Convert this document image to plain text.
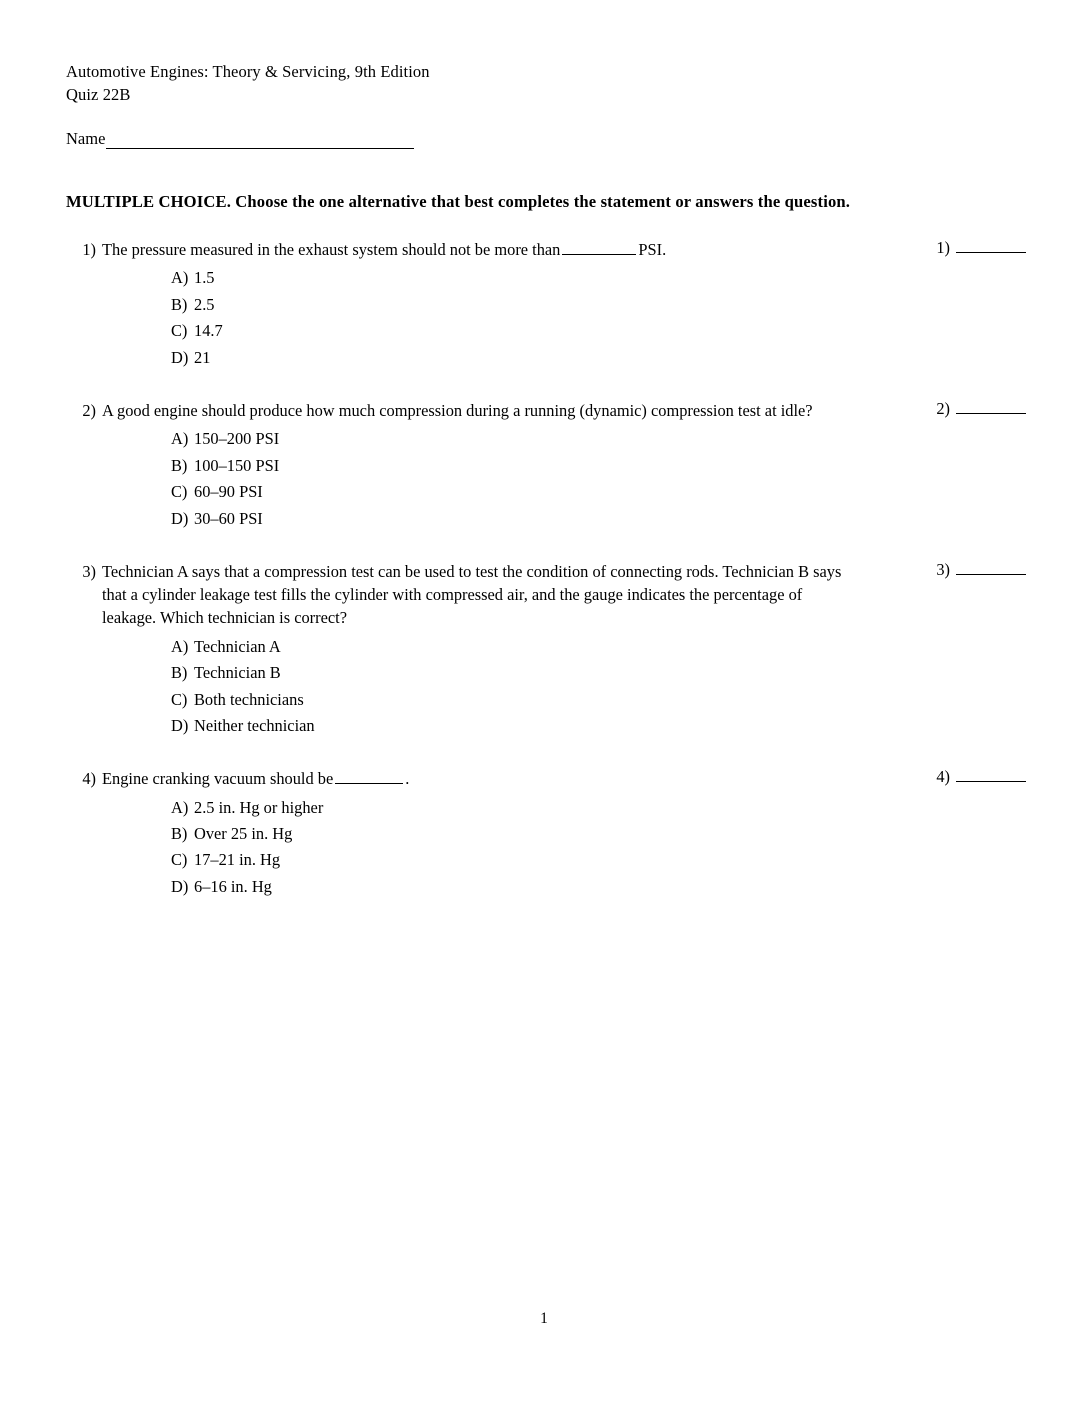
Automotive Engines: Theory & Servicing, 9th Edition
Quiz 22B
Name
MULTIPLE CHOICE. Choose the one alternative that best completes the statement or answers the question.
1) The pressure measured in the exhaust system should not be more than	PSI.
A) 1.5
B) 2.5
C) 14.7
D) 21
1)
2) A good engine should produce how much compression during a running (dynamic) compression test at idle?
A) 150–200 PSI
B) 100–150 PSI
C) 60–90 PSI
D) 30–60 PSI
2)
3) Technician A says that a compression test can be used to test the condition of connecting rods. Technician B says that a cylinder leakage test fills the cylinder with compressed air, and the gauge indicates the percentage of leakage. Which technician is correct?
A) Technician A
B) Technician B
C) Both technicians
D) Neither technician
3)
4) Engine cranking vacuum should be	.
A) 2.5 in. Hg or higher
B) Over 25 in. Hg
C) 17–21 in. Hg
D) 6–16 in. Hg
4)
1
